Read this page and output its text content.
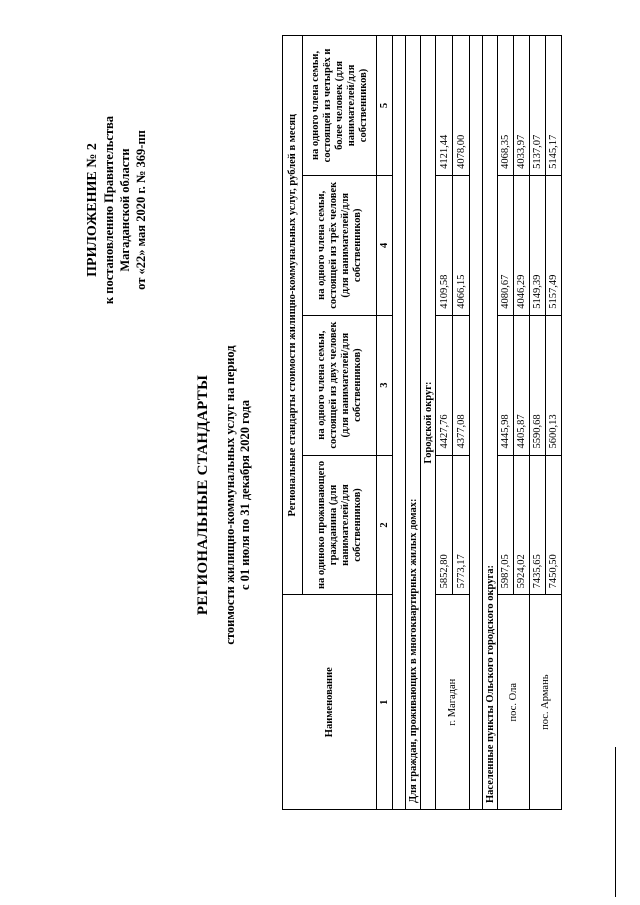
ПРИЛОЖЕНИЕ № 2 к постановлению Правительства Магаданской области от «22» мая 2020 г. № 369-пп
РЕГИОНАЛЬНЫЕ СТАНДАРТЫ стоимости жилищно-коммунальных услуг на период с 01 июля по 31 декабря 2020 года
Наименование	Региональные стандарты стоимости жилищно-коммунальных услуг, рублей в месяц			
	на одиноко проживающего гражданина (для нанимателей/для собственников)	на одного члена семьи, состоящей из двух человек (для нанимателей/для собственников)	на одного члена семьи, состоящей из трёх человек (для нанимателей/для собственников)	на одного члена семьи, состоящей из четырёх и более человек (для нанимателей/для собственников)
1	2	3	4	5

Для граждан, проживающих в многоквартирных жилых домах:				
Городской округ:				
г. Магадан	5852,80	4427,76	4109,58	4121,44
	5773,17	4377,08	4066,15	4078,00

Населенные пункты Ольского городского округа:				
пос. Ола	5987,05	4445,98	4080,67	4068,35
	5924,02	4405,87	4046,29	4033,97
пос. Армань	7435,65	5590,68	5149,39	5137,07
	7450,50	5600,13	5157,49	5145,17
